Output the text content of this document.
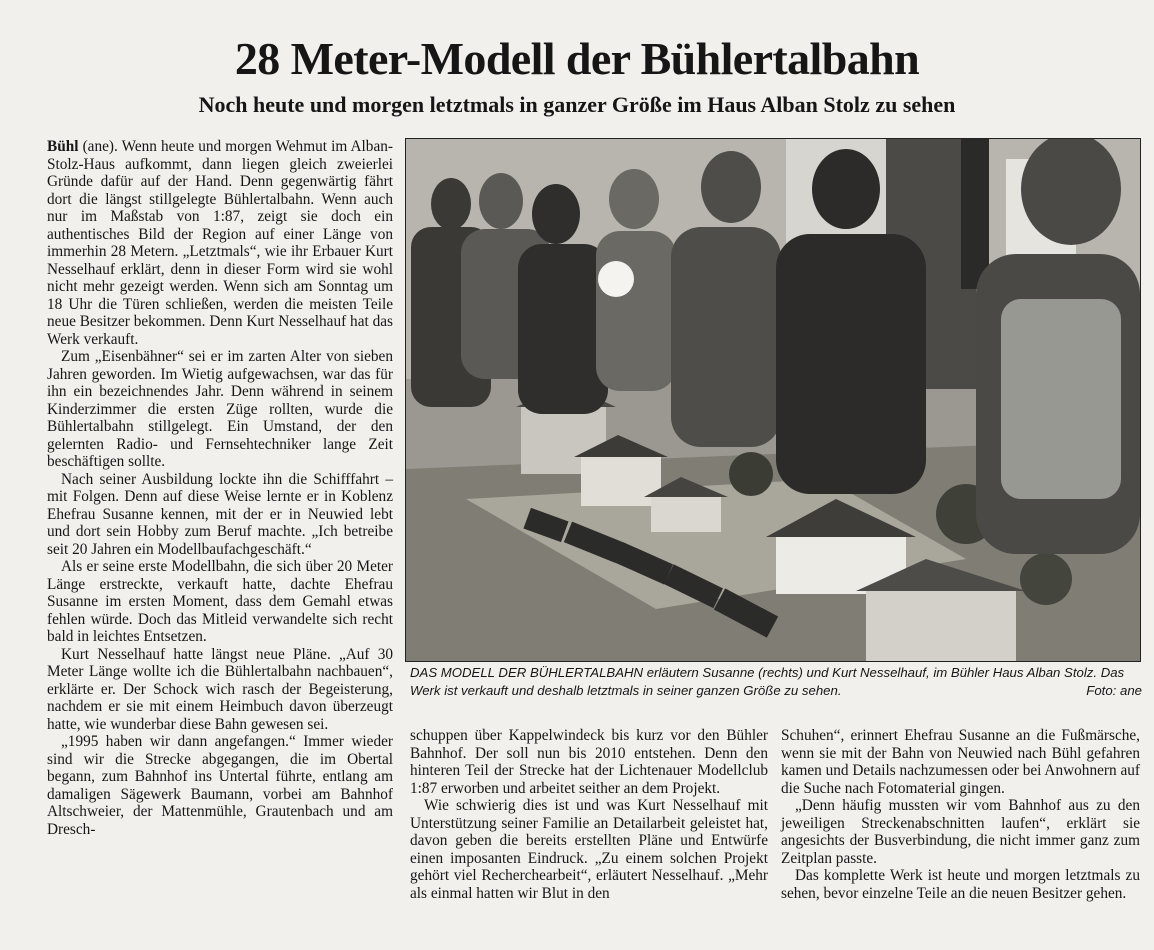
28 Meter-Modell der Bühlertalbahn
Noch heute und morgen letztmals in ganzer Größe im Haus Alban Stolz zu sehen

Bühl (ane). Wenn heute und morgen Wehmut im Alban-Stolz-Haus aufkommt, dann liegen gleich zweierlei Gründe dafür auf der Hand. Denn gegenwärtig fährt dort die längst stillgelegte Bühlertalbahn. Wenn auch nur im Maßstab von 1:87, zeigt sie doch ein authentisches Bild der Region auf einer Länge von immerhin 28 Metern. „Letztmals“, wie ihr Erbauer Kurt Nesselhauf erklärt, denn in dieser Form wird sie wohl nicht mehr gezeigt werden. Wenn sich am Sonntag um 18 Uhr die Türen schließen, werden die meisten Teile neue Besitzer bekommen. Denn Kurt Nesselhauf hat das Werk verkauft.

Zum „Eisenbähner“ sei er im zarten Alter von sieben Jahren geworden. Im Wietig aufgewachsen, war das für ihn ein bezeichnendes Jahr. Denn während in seinem Kinderzimmer die ersten Züge rollten, wurde die Bühlertalbahn stillgelegt. Ein Umstand, der den gelernten Radio- und Fernsehtechniker lange Zeit beschäftigen sollte.

Nach seiner Ausbildung lockte ihn die Schifffahrt – mit Folgen. Denn auf diese Weise lernte er in Koblenz Ehefrau Susanne kennen, mit der er in Neuwied lebt und dort sein Hobby zum Beruf machte. „Ich betreibe seit 20 Jahren ein Modellbaufachgeschäft.“

Als er seine erste Modellbahn, die sich über 20 Meter Länge erstreckte, verkauft hatte, dachte Ehefrau Susanne im ersten Moment, dass dem Gemahl etwas fehlen würde. Doch das Mitleid verwandelte sich recht bald in leichtes Entsetzen.

Kurt Nesselhauf hatte längst neue Pläne. „Auf 30 Meter Länge wollte ich die Bühlertalbahn nachbauen“, erklärte er. Der Schock wich rasch der Begeisterung, nachdem er sie mit einem Heimbuch davon überzeugt hatte, wie wunderbar diese Bahn gewesen sei.

„1995 haben wir dann angefangen.“ Immer wieder sind wir die Strecke abgegangen, die im Obertal begann, zum Bahnhof ins Untertal führte, entlang am damaligen Sägewerk Baumann, vorbei am Bahnhof Altschweier, der Mattenmühle, Grautenbach und am Dresch-

DAS MODELL DER BÜHLERTALBAHN erläutern Susanne (rechts) und Kurt Nesselhauf, im Bühler Haus Alban Stolz. Das Werk ist verkauft und deshalb letztmals in seiner ganzen Größe zu sehen.	Foto: ane

schuppen über Kappelwindeck bis kurz vor den Bühler Bahnhof. Der soll nun bis 2010 entstehen. Denn den hinteren Teil der Strecke hat der Lichtenauer Modellclub 1:87 erworben und arbeitet seither an dem Projekt.

Wie schwierig dies ist und was Kurt Nesselhauf mit Unterstützung seiner Familie an Detailarbeit geleistet hat, davon geben die bereits erstellten Pläne und Entwürfe einen imposanten Eindruck. „Zu einem solchen Projekt gehört viel Recherchearbeit“, erläutert Nesselhauf. „Mehr als einmal hatten wir Blut in den

Schuhen“, erinnert Ehefrau Susanne an die Fußmärsche, wenn sie mit der Bahn von Neuwied nach Bühl gefahren kamen und Details nachzumessen oder bei Anwohnern auf die Suche nach Fotomaterial gingen.

„Denn häufig mussten wir vom Bahnhof aus zu den jeweiligen Streckenabschnitten laufen“, erklärt sie angesichts der Busverbindung, die nicht immer ganz zum Zeitplan passte.

Das komplette Werk ist heute und morgen letztmals zu sehen, bevor einzelne Teile an die neuen Besitzer gehen.
